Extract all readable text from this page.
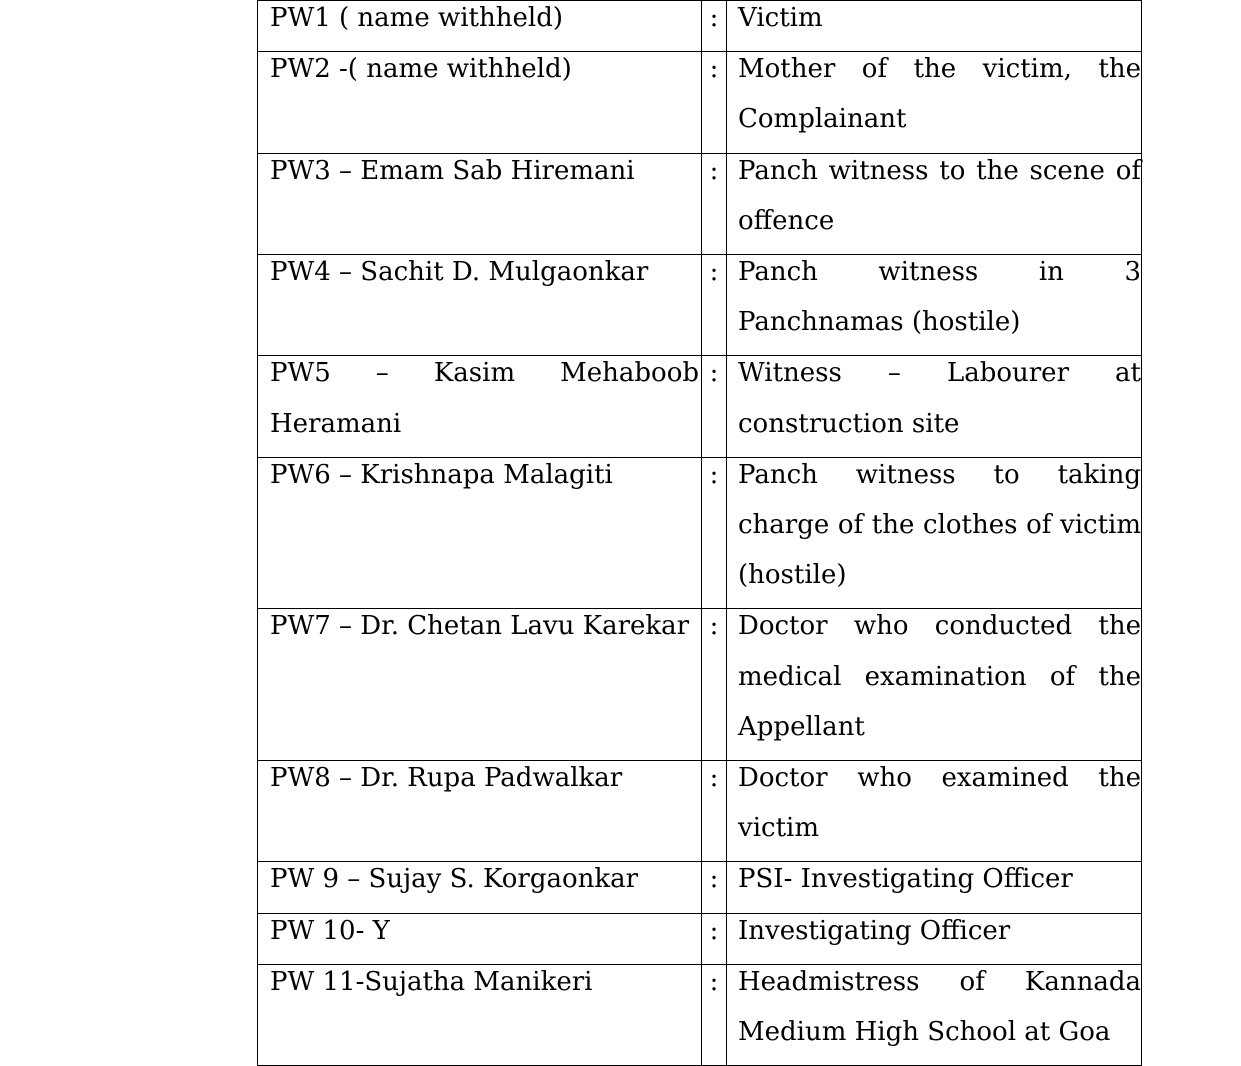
PW1 ( name withheld)	:	Victim

PW2 -( name withheld)	:	Mother of the victim, the Complainant

PW3 – Emam Sab Hiremani	:	Panch witness to the scene of offence

PW4 – Sachit D. Mulgaonkar	:	Panch witness in 3 Panchnamas (hostile)

PW5 – Kasim Mehaboob Heramani	:	Witness – Labourer at construction site

PW6 – Krishnapa Malagiti	:	Panch witness to taking charge of the clothes of victim (hostile)

PW7 – Dr. Chetan Lavu Karekar	:	Doctor who conducted the medical examination of the Appellant

PW8 – Dr. Rupa Padwalkar	:	Doctor who examined the victim

PW 9 – Sujay S. Korgaonkar	:	PSI- Investigating Officer

PW 10- Y	:	Investigating Officer

PW 11-Sujatha Manikeri	:	Headmistress of Kannada Medium High School at Goa
